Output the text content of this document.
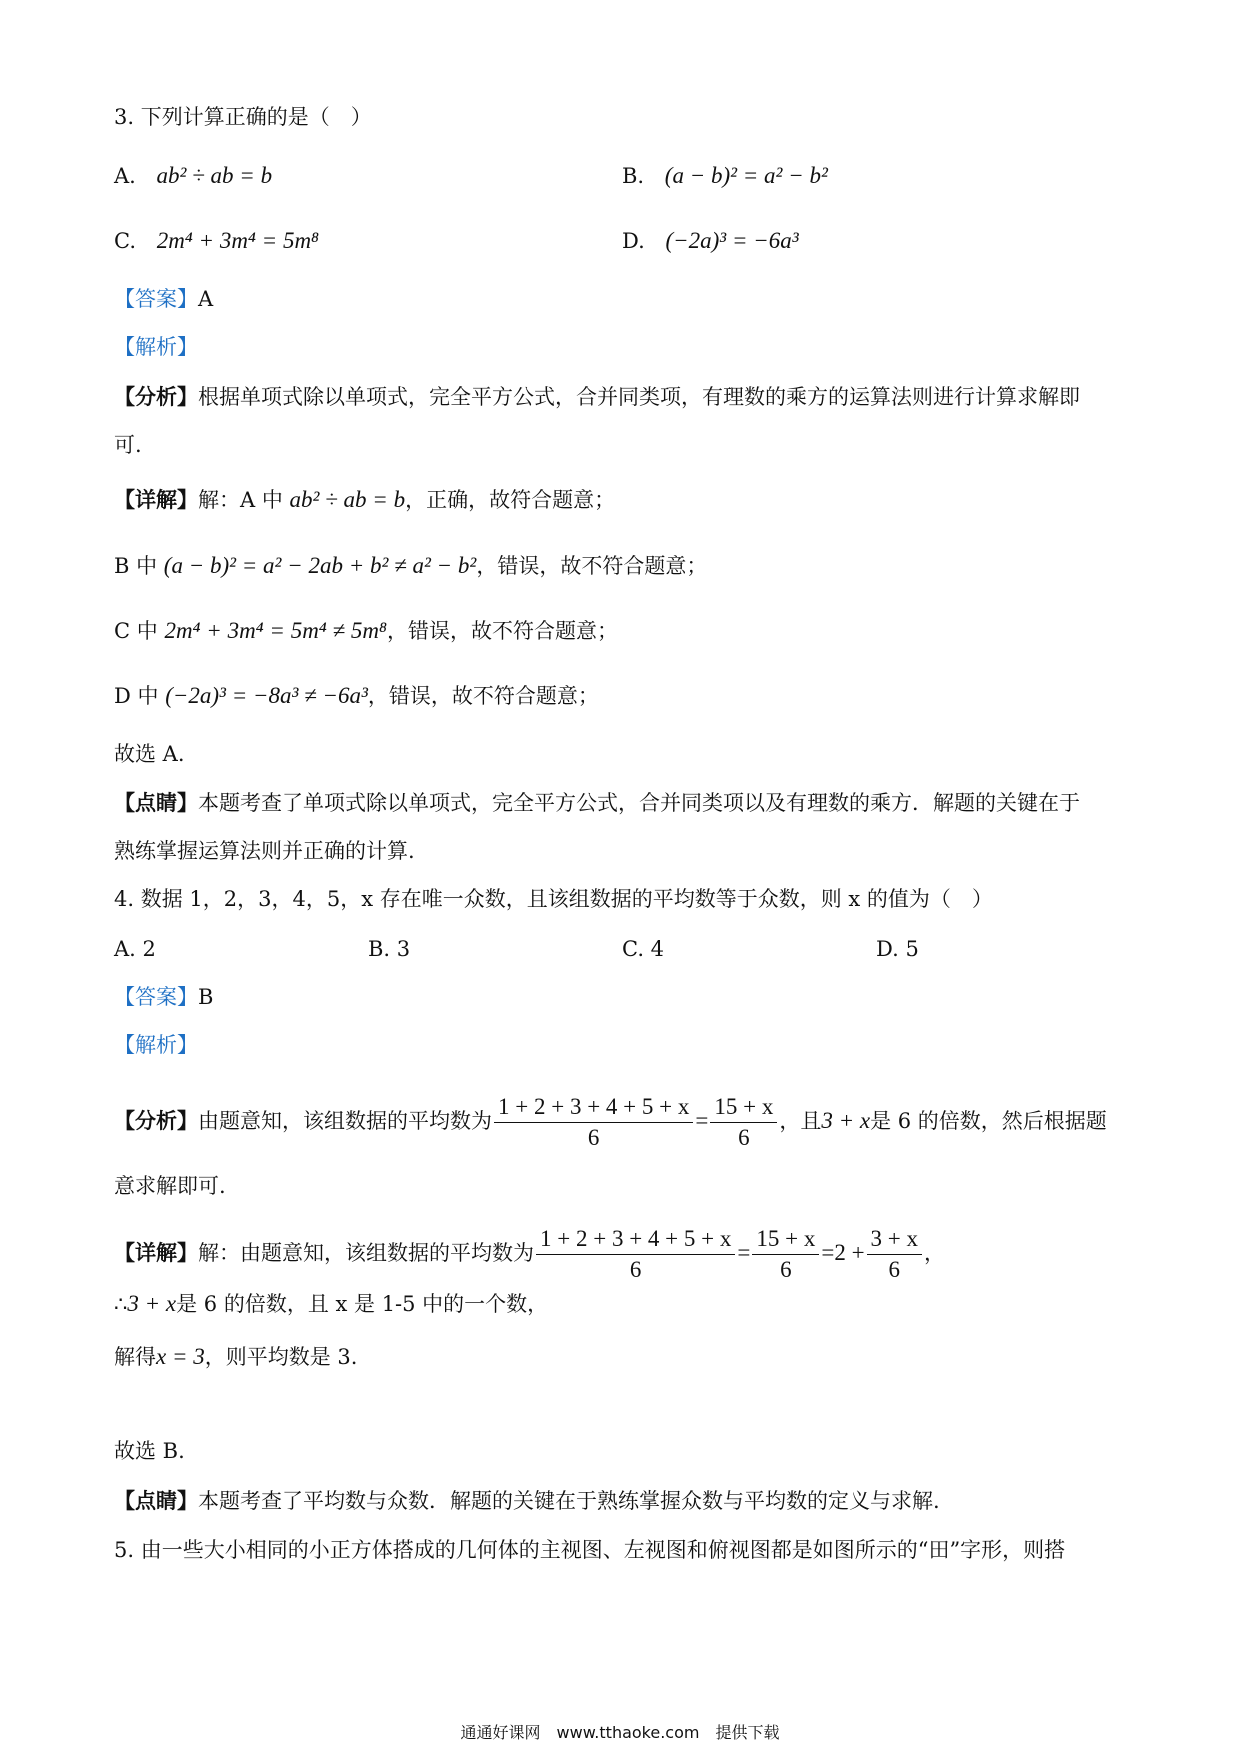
3. 下列计算正确的是（　）
A. ab² ÷ ab = b	B. (a − b)² = a² − b²
C. 2m⁴ + 3m⁴ = 5m⁸	D. (−2a)³ = −6a³
【答案】A
【解析】
【分析】根据单项式除以单项式，完全平方公式，合并同类项，有理数的乘方的运算法则进行计算求解即
可.
【详解】解：A 中 ab² ÷ ab = b，正确，故符合题意；
B 中 (a − b)² = a² − 2ab + b² ≠ a² − b²，错误，故不符合题意；
C 中 2m⁴ + 3m⁴ = 5m⁴ ≠ 5m⁸，错误，故不符合题意；
D 中 (−2a)³ = −8a³ ≠ −6a³，错误，故不符合题意；
故选 A.
【点睛】本题考查了单项式除以单项式，完全平方公式，合并同类项以及有理数的乘方．解题的关键在于
熟练掌握运算法则并正确的计算.
4. 数据 1，2，3，4，5，x 存在唯一众数，且该组数据的平均数等于众数，则 x 的值为（　）
A. 2	B. 3	C. 4	D. 5
【答案】B
【解析】
【分析】由题意知，该组数据的平均数为 $\frac{1 + 2 + 3 + 4 + 5 + x}{6} = \frac{15 + x}{6}$ ，且3 + x是 6 的倍数，然后根据题
意求解即可.
【详解】解：由题意知，该组数据的平均数为 $\frac{1 + 2 + 3 + 4 + 5 + x}{6} = \frac{15 + x}{6} =2 + \frac{3 + x}{6}$ ，
∴3 + x是 6 的倍数，且 x 是 1-5 中的一个数，
解得x = 3，则平均数是 3.
故选 B.
【点睛】本题考查了平均数与众数．解题的关键在于熟练掌握众数与平均数的定义与求解.
5. 由一些大小相同的小正方体搭成的几何体的主视图、左视图和俯视图都是如图所示的“田”字形，则搭
通通好课网　www.tthaoke.com　提供下载
